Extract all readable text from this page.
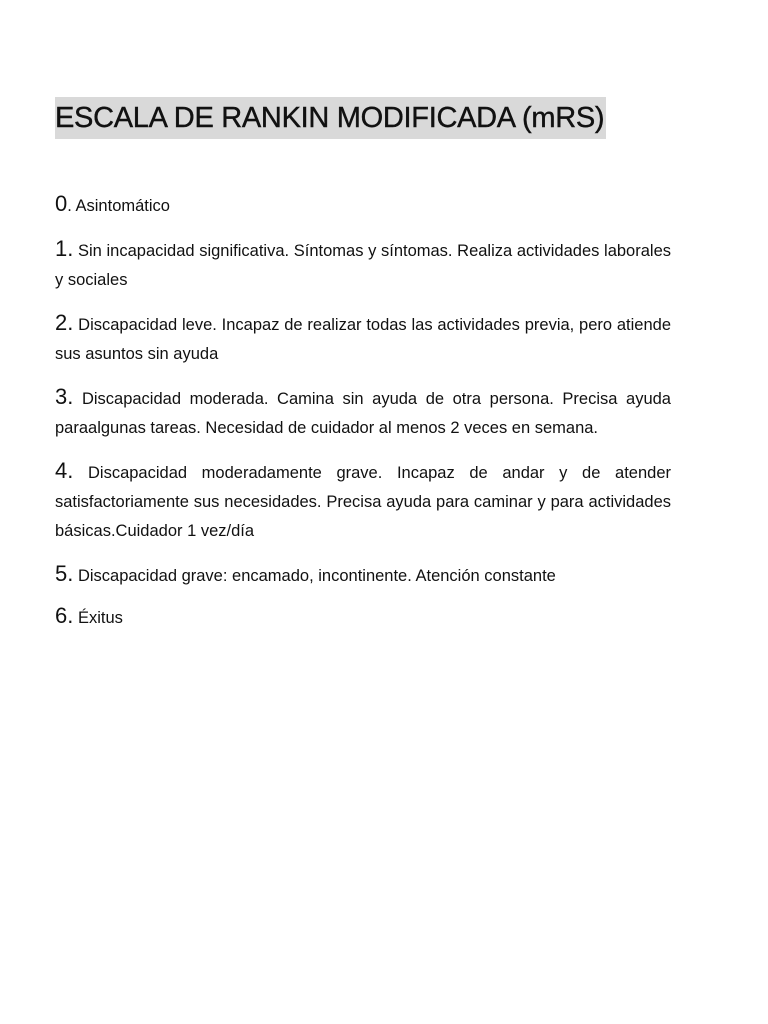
ESCALA DE RANKIN MODIFICADA (mRS)
0. Asintomático
1. Sin incapacidad significativa. Síntomas y síntomas. Realiza actividades laborales y sociales
2. Discapacidad leve. Incapaz de realizar todas las actividades previa, pero atiende sus asuntos sin ayuda
3. Discapacidad moderada. Camina sin ayuda de otra persona. Precisa ayuda paraalgunas tareas. Necesidad de cuidador al menos 2 veces en semana.
4. Discapacidad moderadamente grave. Incapaz de andar y de atender satisfactoriamente sus necesidades. Precisa ayuda para caminar y para actividades básicas.Cuidador 1 vez/día
5. Discapacidad grave: encamado, incontinente. Atención constante
6. Éxitus
